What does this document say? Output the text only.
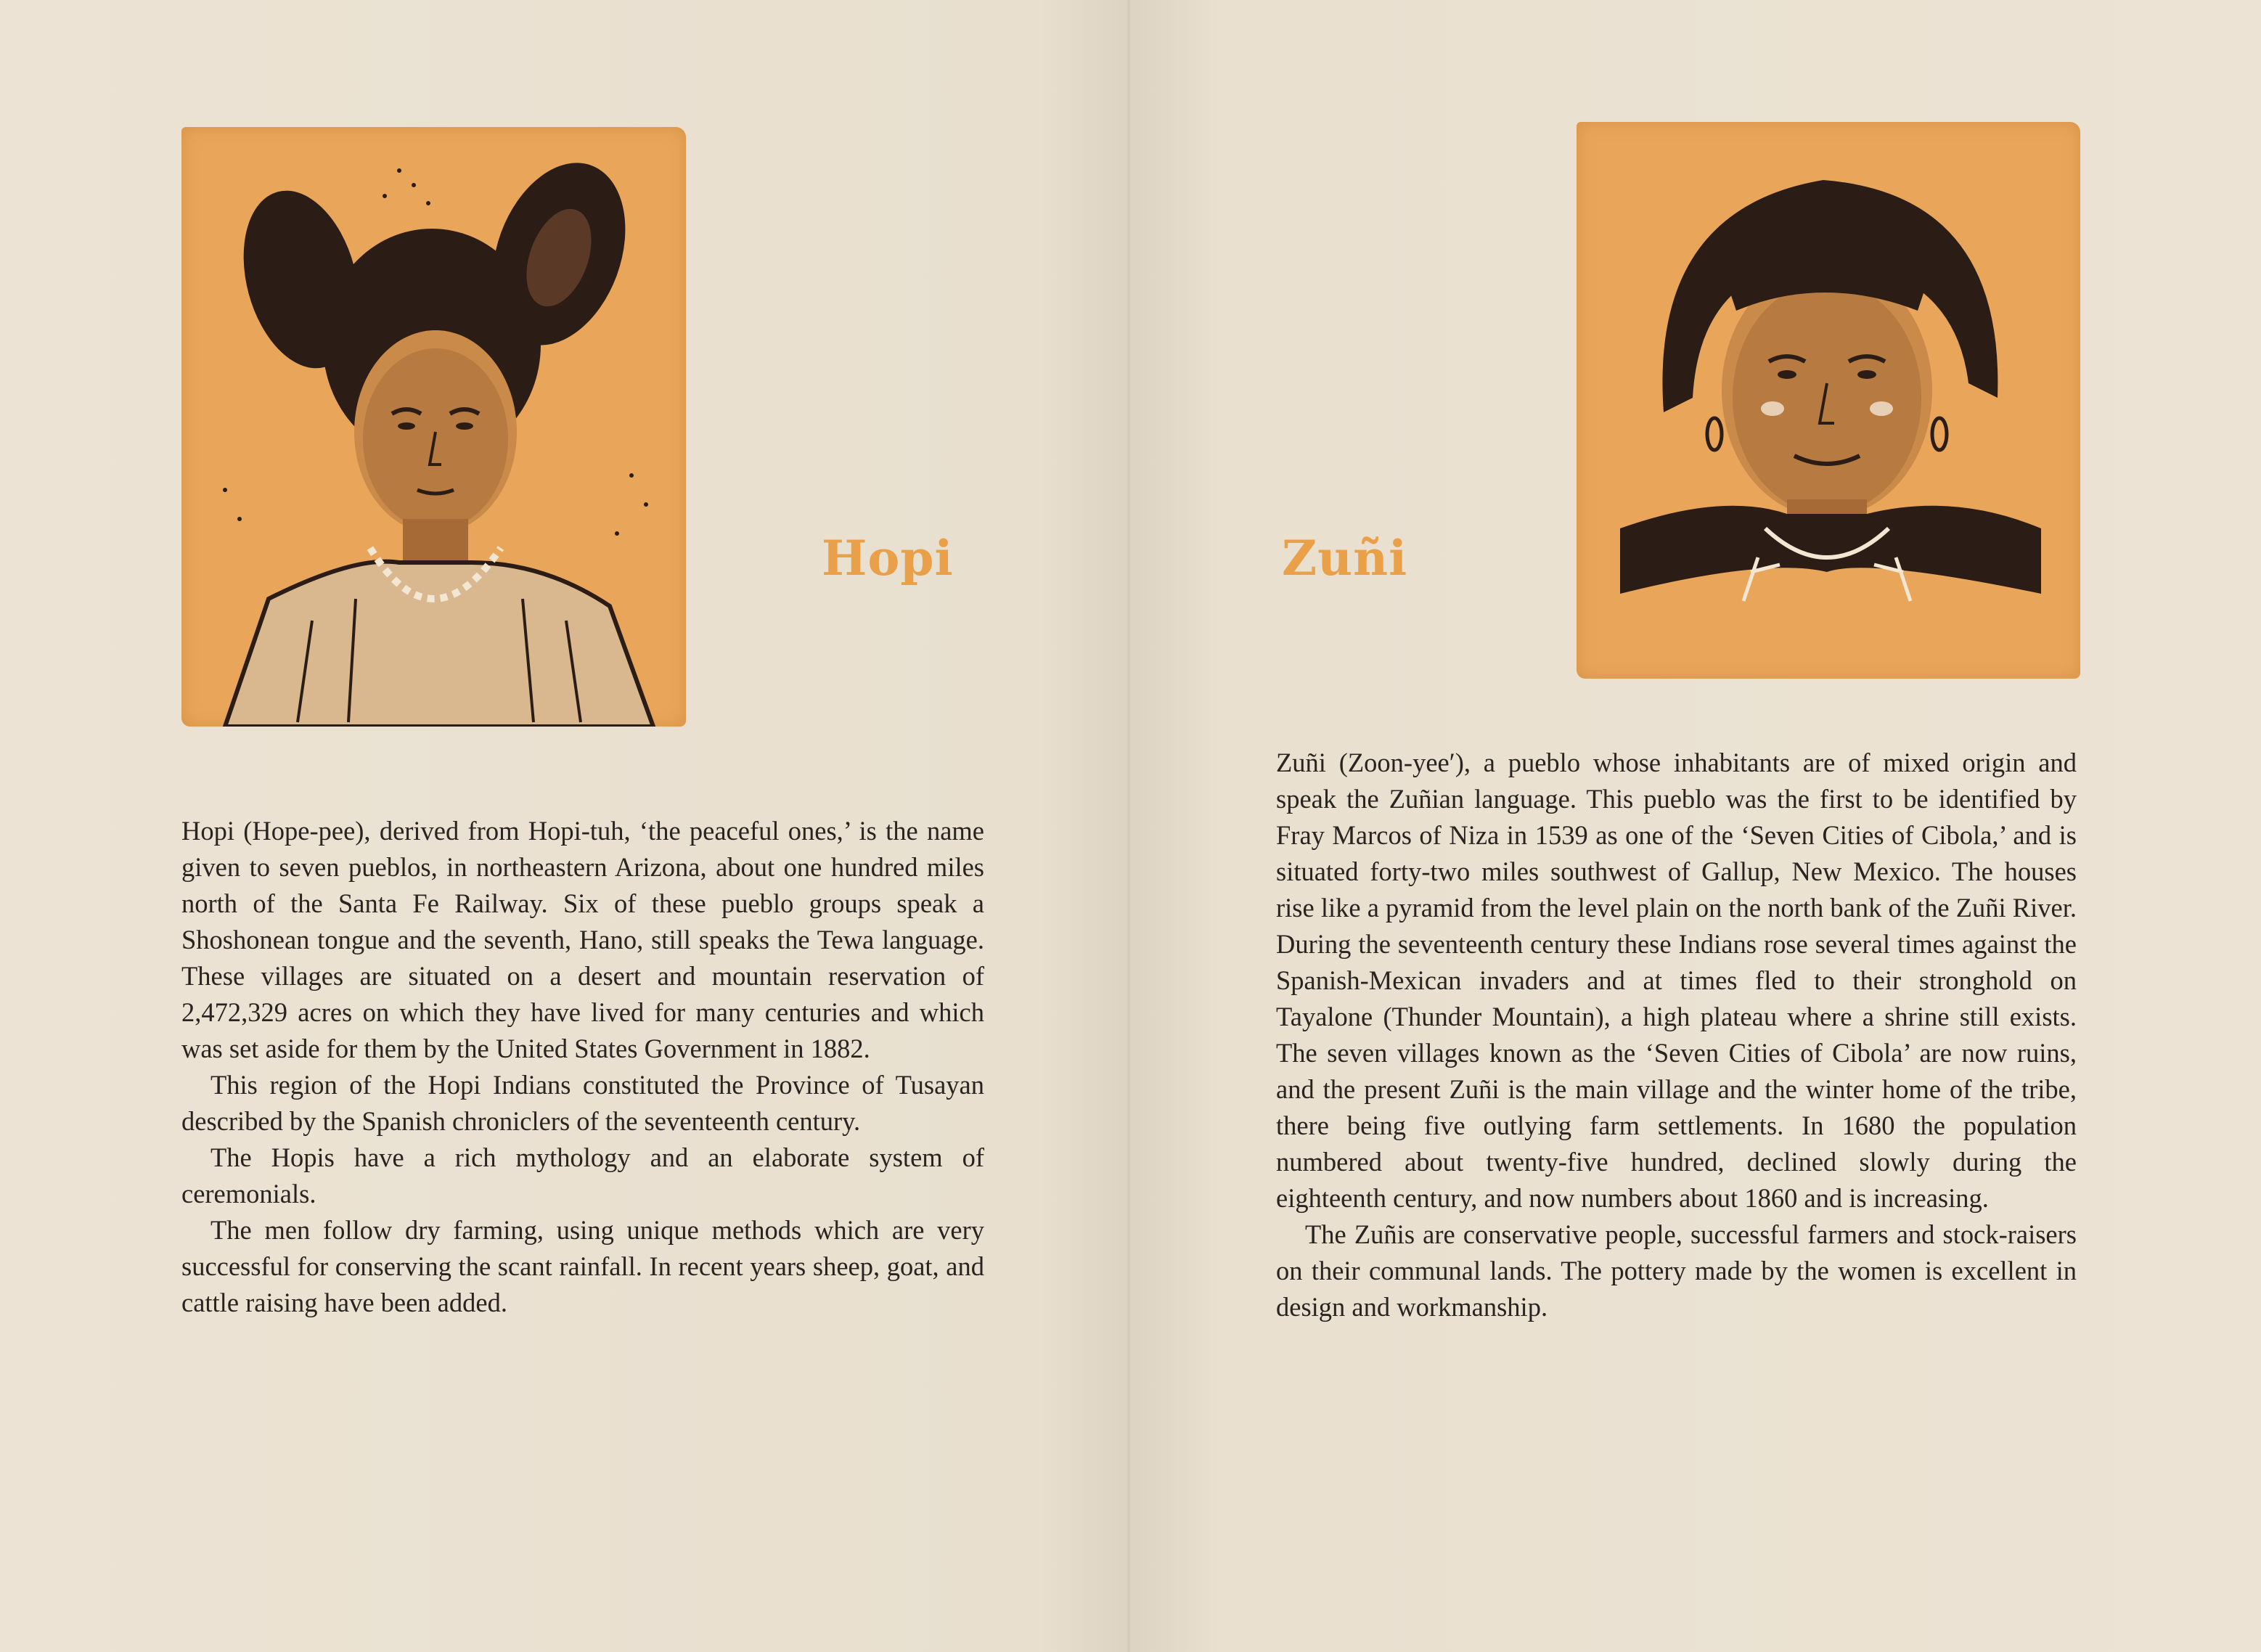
Hopi

Hopi (Hope-pee), derived from Hopi-tuh, ‘the peaceful ones,’ is the name given to seven pueblos, in northeastern Arizona, about one hundred miles north of the Santa Fe Railway. Six of these pueblo groups speak a Shoshonean tongue and the seventh, Hano, still speaks the Tewa language. These villages are situated on a desert and mountain reservation of 2,472,329 acres on which they have lived for many centuries and which was set aside for them by the United States Government in 1882.

This region of the Hopi Indians constituted the Province of Tusayan described by the Spanish chroniclers of the seventeenth century.

The Hopis have a rich mythology and an elaborate system of ceremonials.

The men follow dry farming, using unique methods which are very successful for conserving the scant rainfall. In recent years sheep, goat, and cattle raising have been added.

Zuñi

Zuñi (Zoon-yee′), a pueblo whose inhabitants are of mixed origin and speak the Zuñian language. This pueblo was the first to be identified by Fray Marcos of Niza in 1539 as one of the ‘Seven Cities of Cibola,’ and is situated forty-two miles southwest of Gallup, New Mexico. The houses rise like a pyramid from the level plain on the north bank of the Zuñi River. During the seventeenth century these Indians rose several times against the Spanish-Mexican invaders and at times fled to their stronghold on Tayalone (Thunder Mountain), a high plateau where a shrine still exists. The seven villages known as the ‘Seven Cities of Cibola’ are now ruins, and the present Zuñi is the main village and the winter home of the tribe, there being five outlying farm settlements. In 1680 the population numbered about twenty-five hundred, declined slowly during the eighteenth century, and now numbers about 1860 and is increasing.

The Zuñis are conservative people, successful farmers and stock-raisers on their communal lands. The pottery made by the women is excellent in design and workmanship.
